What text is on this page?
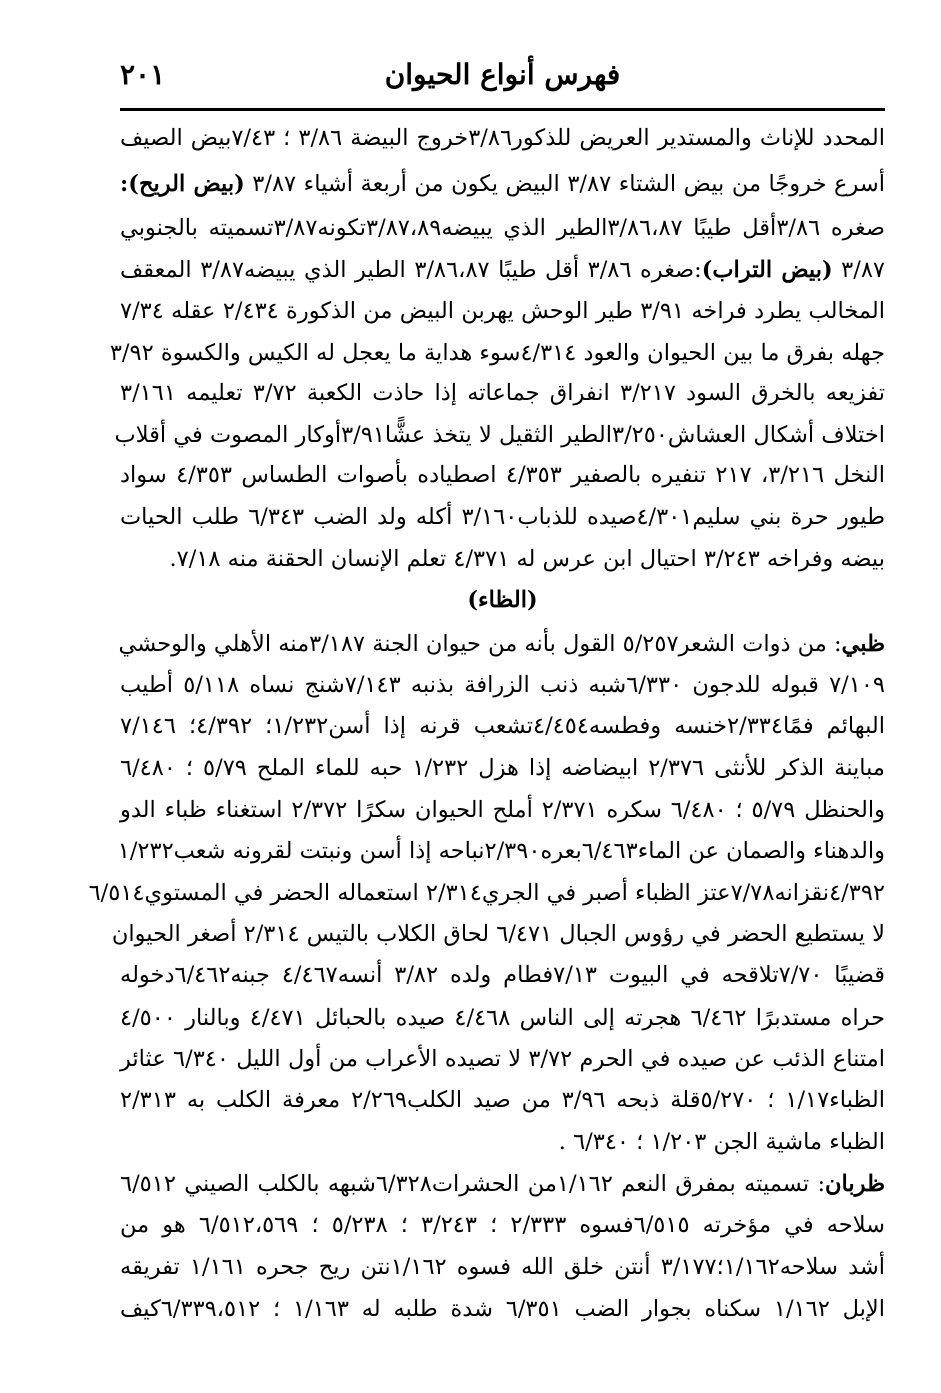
٢٠١	فهرس أنواع الحيوان
المحدد للإناث والمستدير العريض للذكور٣/٨٦خروج البيضة ٣/٨٦ ؛ ٧/٤٣بيض الصيف
أسرع خروجًا من بيض الشتاء ٣/٨٧ البيض يكون من أربعة أشياء ٣/٨٧ (بيض الريح):
صغره ٣/٨٦أقل طيبًا ٣/٨٦،٨٧الطير الذي يبيضه٣/٨٧،٨٩تكونه٣/٨٧تسميته بالجنوبي
٣/٨٧ (بيض التراب):صغره ٣/٨٦ أقل طيبًا ٣/٨٦،٨٧ الطير الذي يبيضه٣/٨٧ المعقف
المخالب يطرد فراخه ٣/٩١ طير الوحش يهربن البيض من الذكورة ٢/٤٣٤ عقله ٧/٣٤
جهله بفرق ما بين الحيوان والعود ٤/٣١٤سوء هداية ما يعجل له الكيس والكسوة ٣/٩٢
تفزيعه بالخرق السود ٣/٢١٧ انفراق جماعاته إذا حاذت الكعبة ٣/٧٢ تعليمه ٣/١٦١
اختلاف أشكال العشاش٣/٢٥٠الطير الثقيل لا يتخذ عشًّا٣/٩١أوكار المصوت في أقلاب
النخل ٣/٢١٦، ٢١٧ تنفيره بالصفير ٤/٣٥٣ اصطياده بأصوات الطساس ٤/٣٥٣ سواد
طيور حرة بني سليم٤/٣٠١صيده للذباب٣/١٦٠ أكله ولد الضب ٦/٣٤٣ طلب الحيات
بيضه وفراخه ٣/٢٤٣ احتيال ابن عرس له ٤/٣٧١ تعلم الإنسان الحقنة منه ٧/١٨.
(الظاء)
ظبي: من ذوات الشعر٥/٢٥٧ القول بأنه من حيوان الجنة ٣/١٨٧منه الأهلي والوحشي
٧/١٠٩ قبوله للدجون ٦/٣٣٠شبه ذنب الزرافة بذنبه ٧/١٤٣شنج نساه ٥/١١٨ أطيب
البهائم فمًا٢/٣٣٤خنسه وفطسه٤/٤٥٤تشعب قرنه إذا أسن١/٢٣٢؛ ٤/٣٩٢؛ ٧/١٤٦
مباينة الذكر للأنثى ٢/٣٧٦ ابيضاضه إذا هزل ١/٢٣٢ حبه للماء الملح ٥/٧٩ ؛ ٦/٤٨٠
والحنظل ٥/٧٩ ؛ ٦/٤٨٠ سكره ٢/٣٧١ أملح الحيوان سكرًا ٢/٣٧٢ استغناء ظباء الدو
والدهناء والصمان عن الماء٦/٤٦٣بعره٢/٣٩٠نباحه إذا أسن ونبتت لقرونه شعب١/٢٣٢
٤/٣٩٢نقزانه٧/٧٨عتز الظباء أصبر في الجري٢/٣١٤ استعماله الحضر في المستوي٦/٥١٤
لا يستطيع الحضر في رؤوس الجبال ٦/٤٧١ لحاق الكلاب بالتيس ٢/٣١٤ أصغر الحيوان
قضيبًا ٧/٧٠تلاقحه في البيوت ٧/١٣فطام ولده ٣/٨٢ أنسه٤/٤٦٧ جبنه٦/٤٦٢دخوله
حراه مستدبرًا ٦/٤٦٢ هجرته إلى الناس ٤/٤٦٨ صيده بالحبائل ٤/٤٧١ وبالنار ٤/٥٠٠
امتناع الذئب عن صيده في الحرم ٣/٧٢ لا تصيده الأعراب من أول الليل ٦/٣٤٠ عثائر
الظباء١/١٧ ؛ ٥/٢٧٠قلة ذبحه ٣/٩٦ من صيد الكلب٢/٢٦٩ معرفة الكلب به ٢/٣١٣
الظباء ماشية الجن ١/٢٠٣ ؛ ٦/٣٤٠ .
ظربان: تسميته بمفرق النعم ١/١٦٢من الحشرات٦/٣٢٨شبهه بالكلب الصيني ٦/٥١٢
سلاحه في مؤخرته ٦/٥١٥فسوه ٢/٣٣٣ ؛ ٣/٢٤٣ ؛ ٥/٢٣٨ ؛ ٦/٥١٢،٥٦٩ هو من
أشد سلاحه١/١٦٢؛٣/١٧٧ أنتن خلق الله فسوه ١/١٦٢نتن ريح جحره ١/١٦١ تفريقه
الإبل ١/١٦٢ سكناه بجوار الضب ٦/٣٥١ شدة طلبه له ١/١٦٣ ؛ ٦/٣٣٩،٥١٢كيف
